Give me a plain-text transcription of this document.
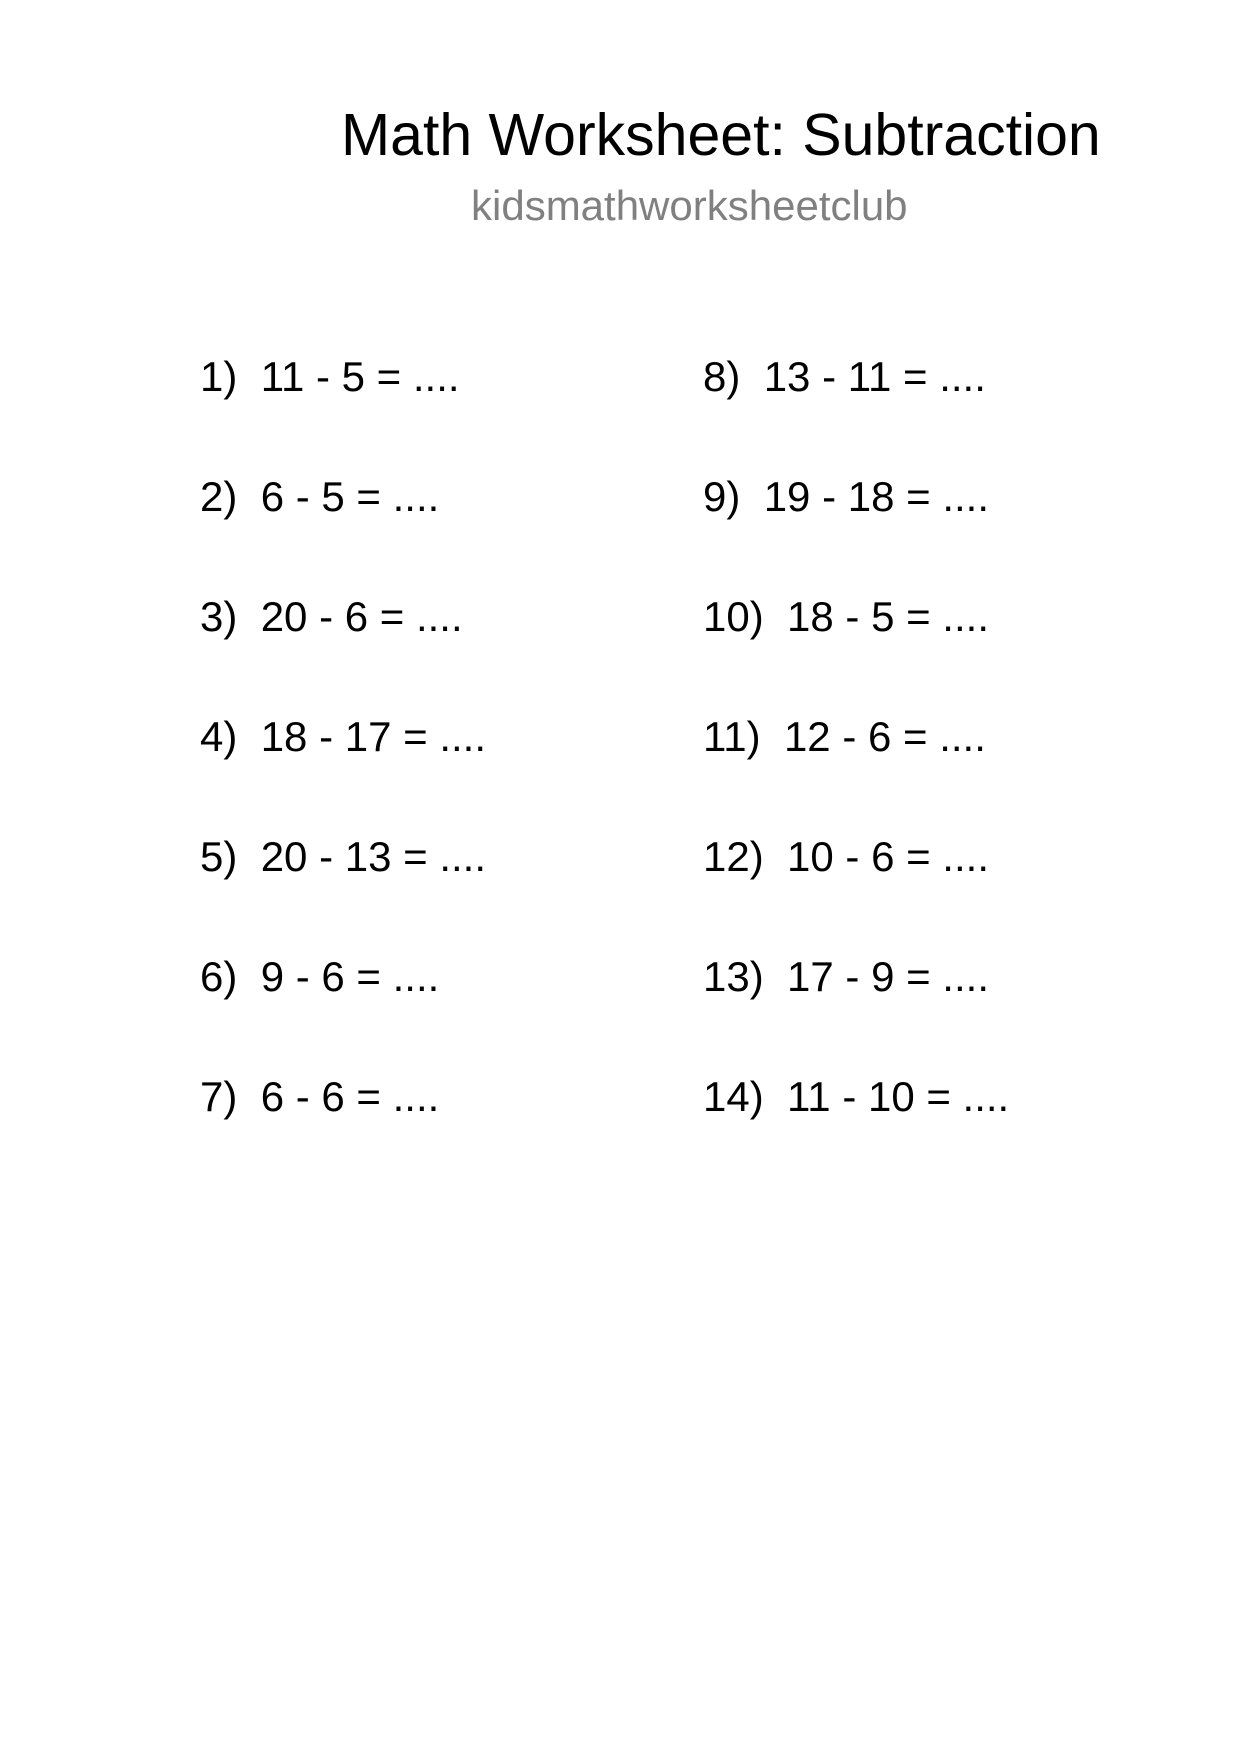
Math Worksheet: Subtraction
kidsmathworksheetclub
1) 11 - 5 = ....
2) 6 - 5 = ....
3) 20 - 6 = ....
4) 18 - 17 = ....
5) 20 - 13 = ....
6) 9 - 6 = ....
7) 6 - 6 = ....
8) 13 - 11 = ....
9) 19 - 18 = ....
10) 18 - 5 = ....
11) 12 - 6 = ....
12) 10 - 6 = ....
13) 17 - 9 = ....
14) 11 - 10 = ....
